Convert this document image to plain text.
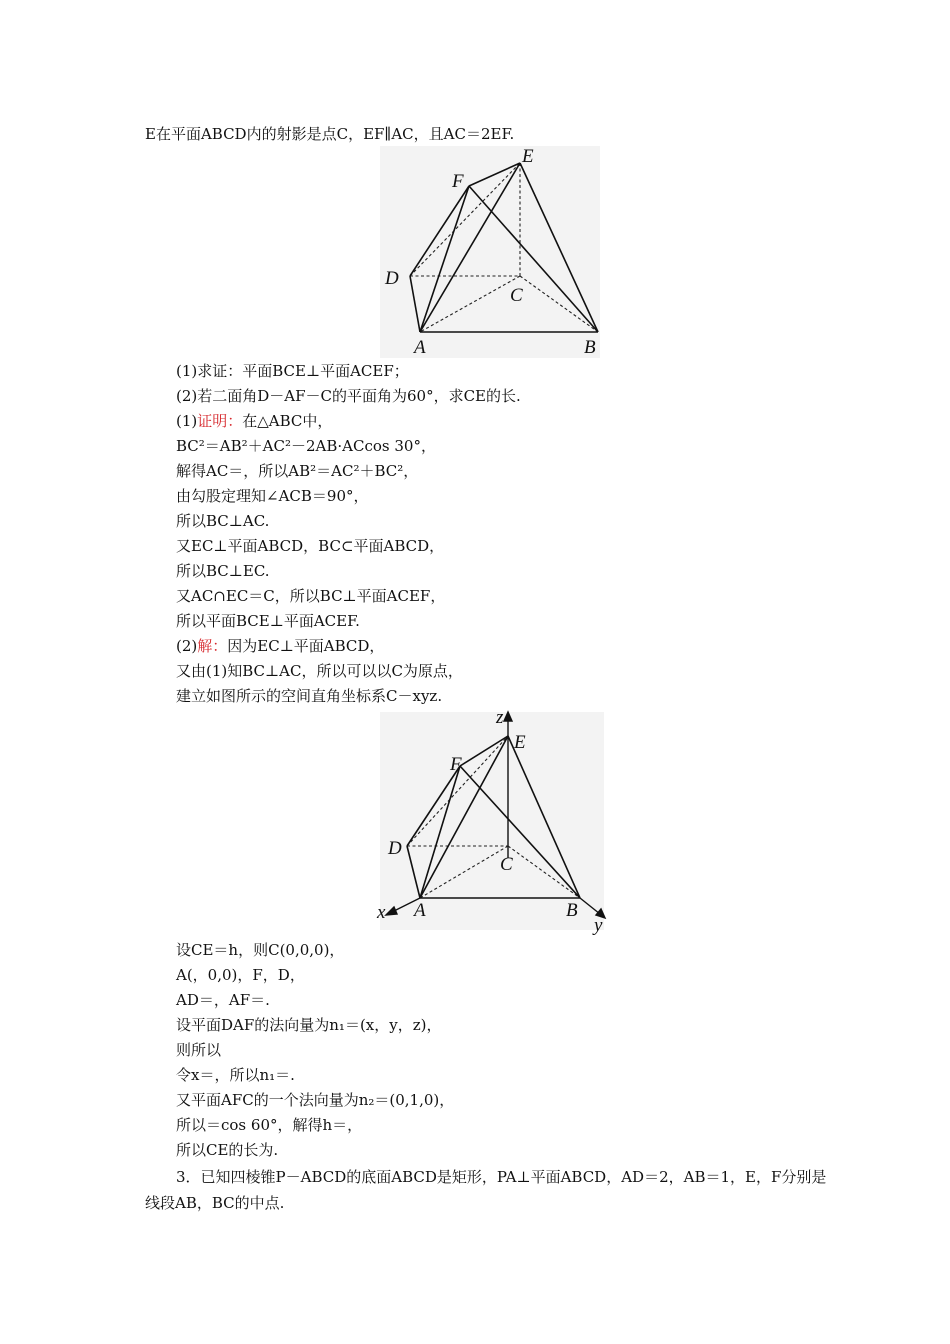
E在平面ABCD内的射影是点C，EF∥AC，且AC＝2EF.
E
F
D
C
A	B
(1)求证：平面BCE⊥平面ACEF；
(2)若二面角D－AF－C的平面角为60°，求CE的长.
(1)证明：在△ABC中，
BC²＝AB²＋AC²－2AB·ACcos 30°，
解得AC＝，所以AB²＝AC²＋BC²，
由勾股定理知∠ACB＝90°，
所以BC⊥AC.
又EC⊥平面ABCD，BC⊂平面ABCD，
所以BC⊥EC.
又AC∩EC＝C，所以BC⊥平面ACEF，
所以平面BCE⊥平面ACEF.
(2)解：因为EC⊥平面ABCD，
又由(1)知BC⊥AC，所以可以以C为原点，
建立如图所示的空间直角坐标系C－xyz.
z
E
F
D
C
A	B
x
y
设CE＝h，则C(0,0,0)，
A(，0,0)，F，D，
AD＝，AF＝.
设平面DAF的法向量为n₁＝(x，y，z)，
则所以
令x＝，所以n₁＝.
又平面AFC的一个法向量为n₂＝(0,1,0)，
所以＝cos 60°，解得h＝，
所以CE的长为.
3．已知四棱锥P－ABCD的底面ABCD是矩形，PA⊥平面ABCD，AD＝2，AB＝1，E，F分别是
线段AB，BC的中点.
